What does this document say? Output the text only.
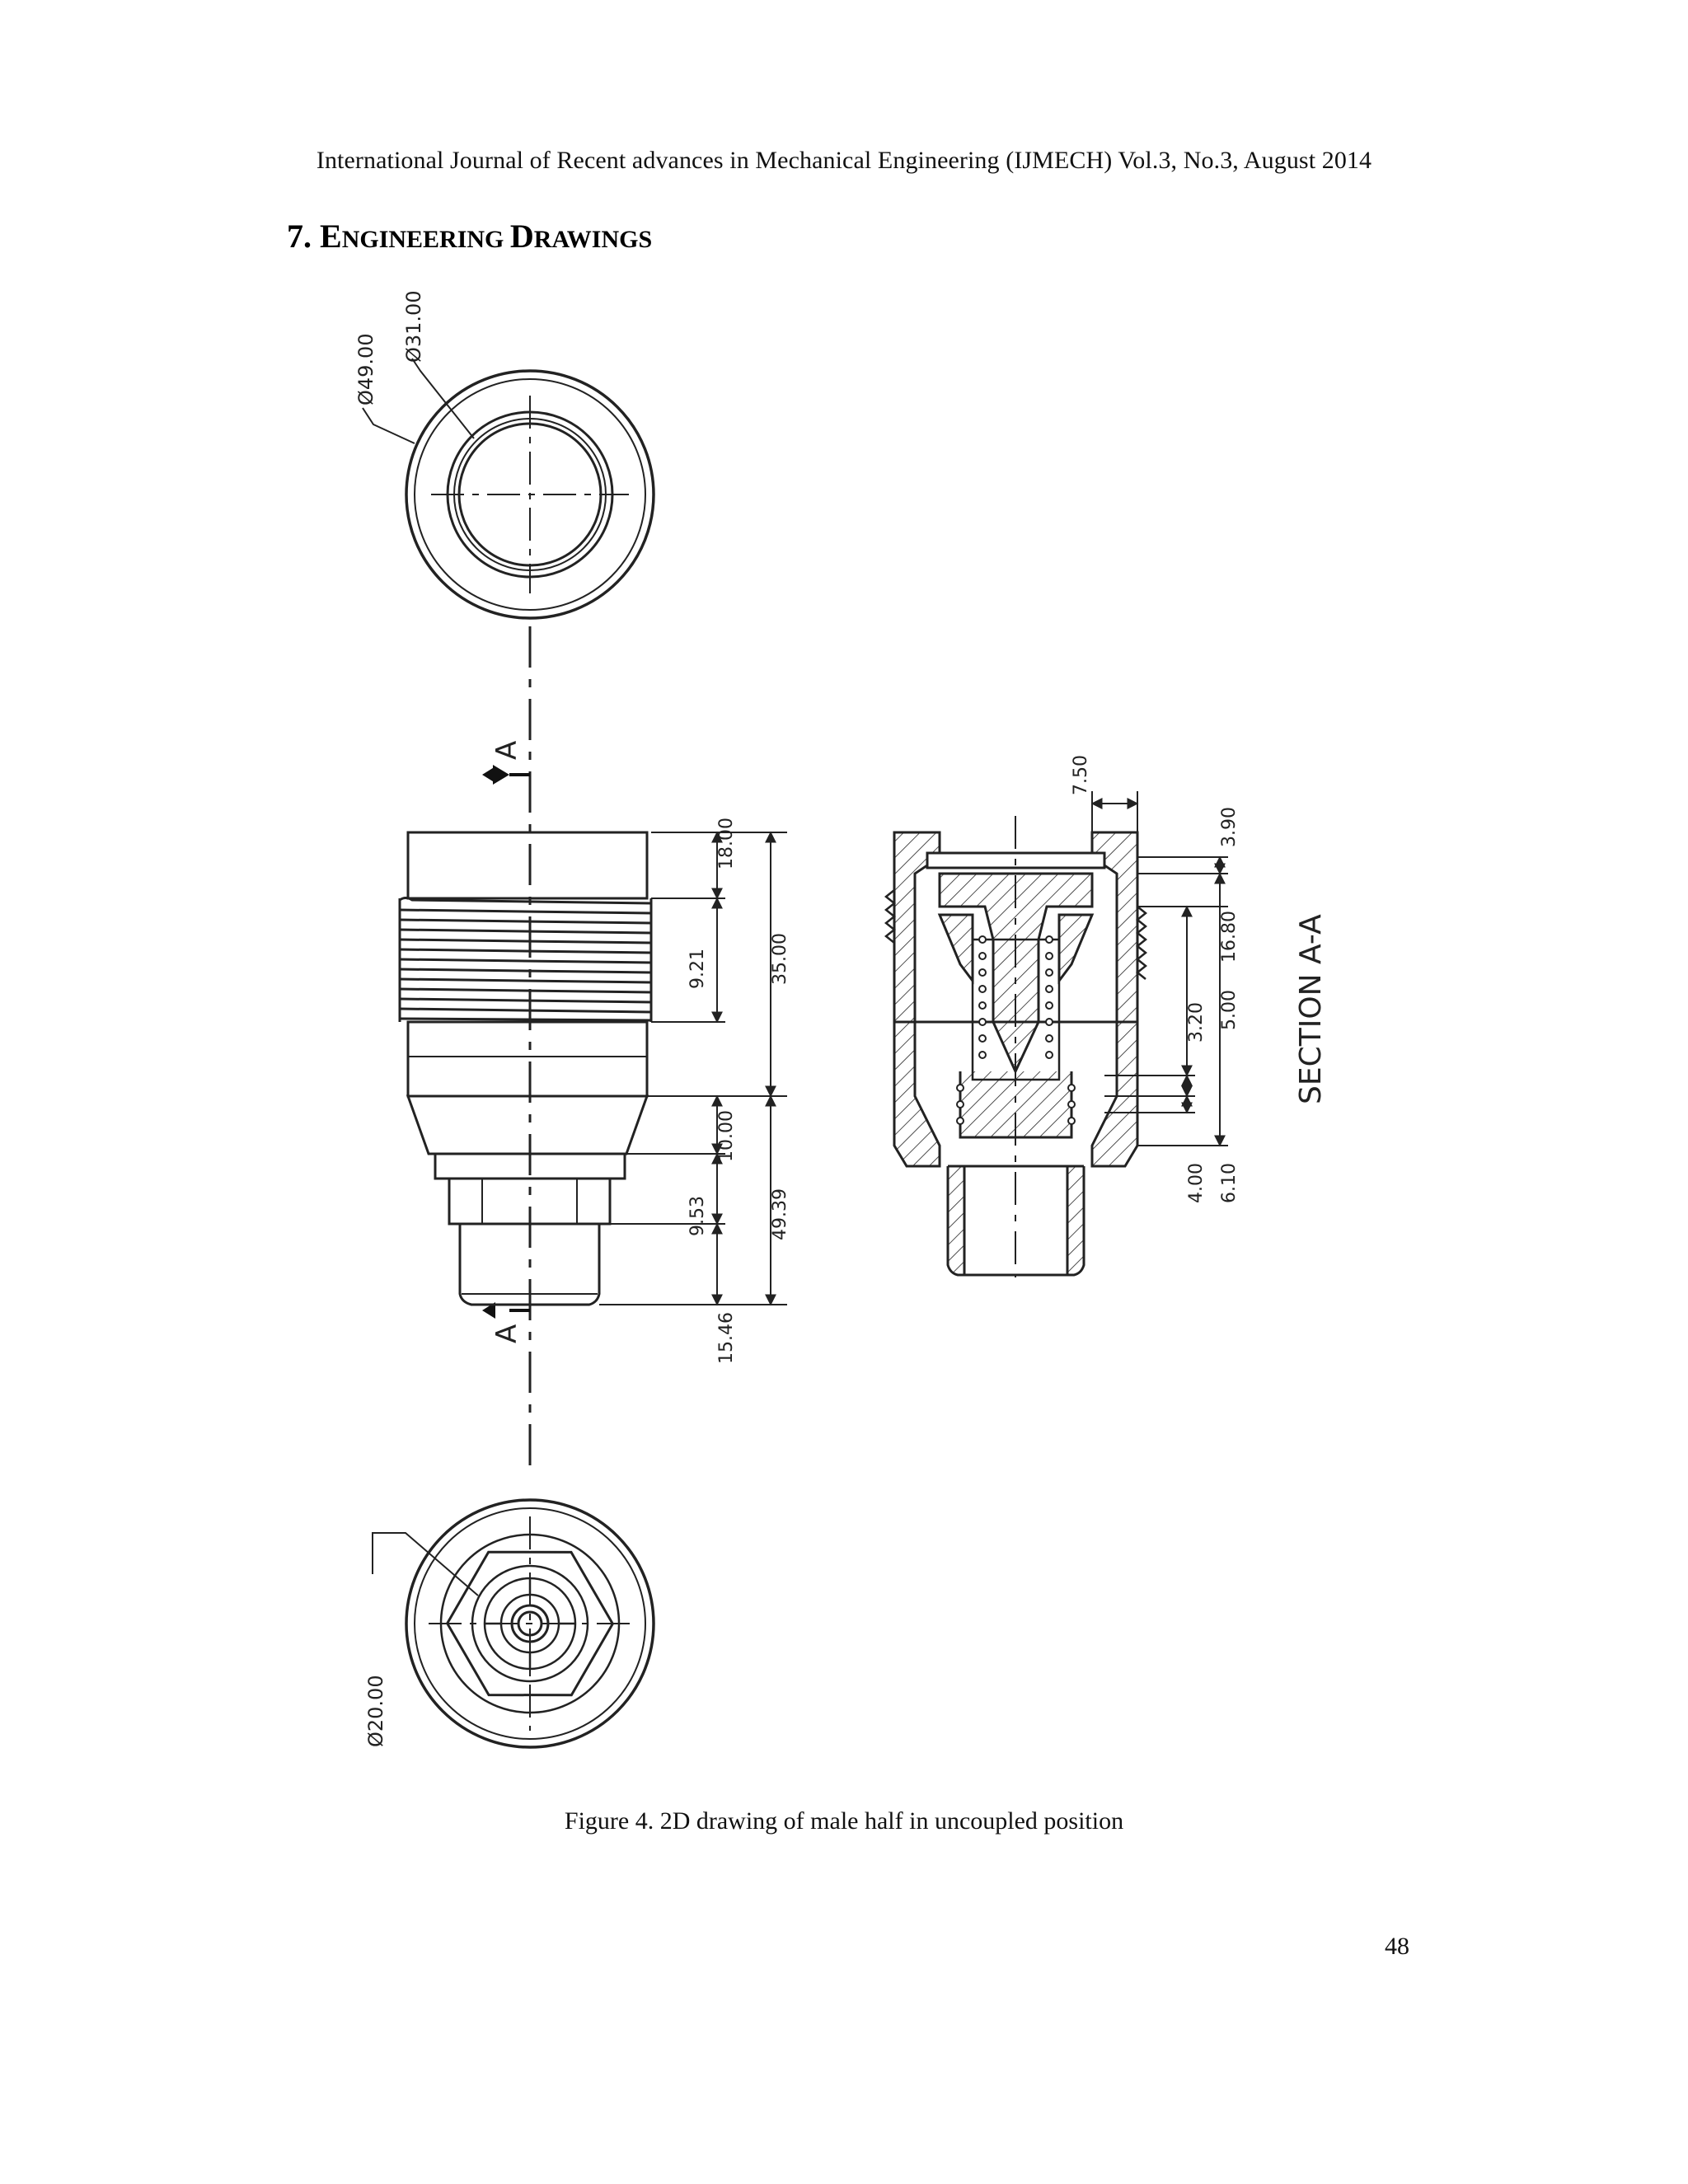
International Journal of Recent advances in Mechanical Engineering (IJMECH) Vol.3, No.3, August 2014
7. ENGINEERING DRAWINGS
Ø49.00
Ø31.00
A
A
18.00
35.00
9.21
10.00
9.53	49.39
15.46
7.50
3.90
16.80
5.00
3.20
4.00 6.10
SECTION A-A
Ø20.00
Figure 4. 2D drawing of male half in uncoupled position
48
